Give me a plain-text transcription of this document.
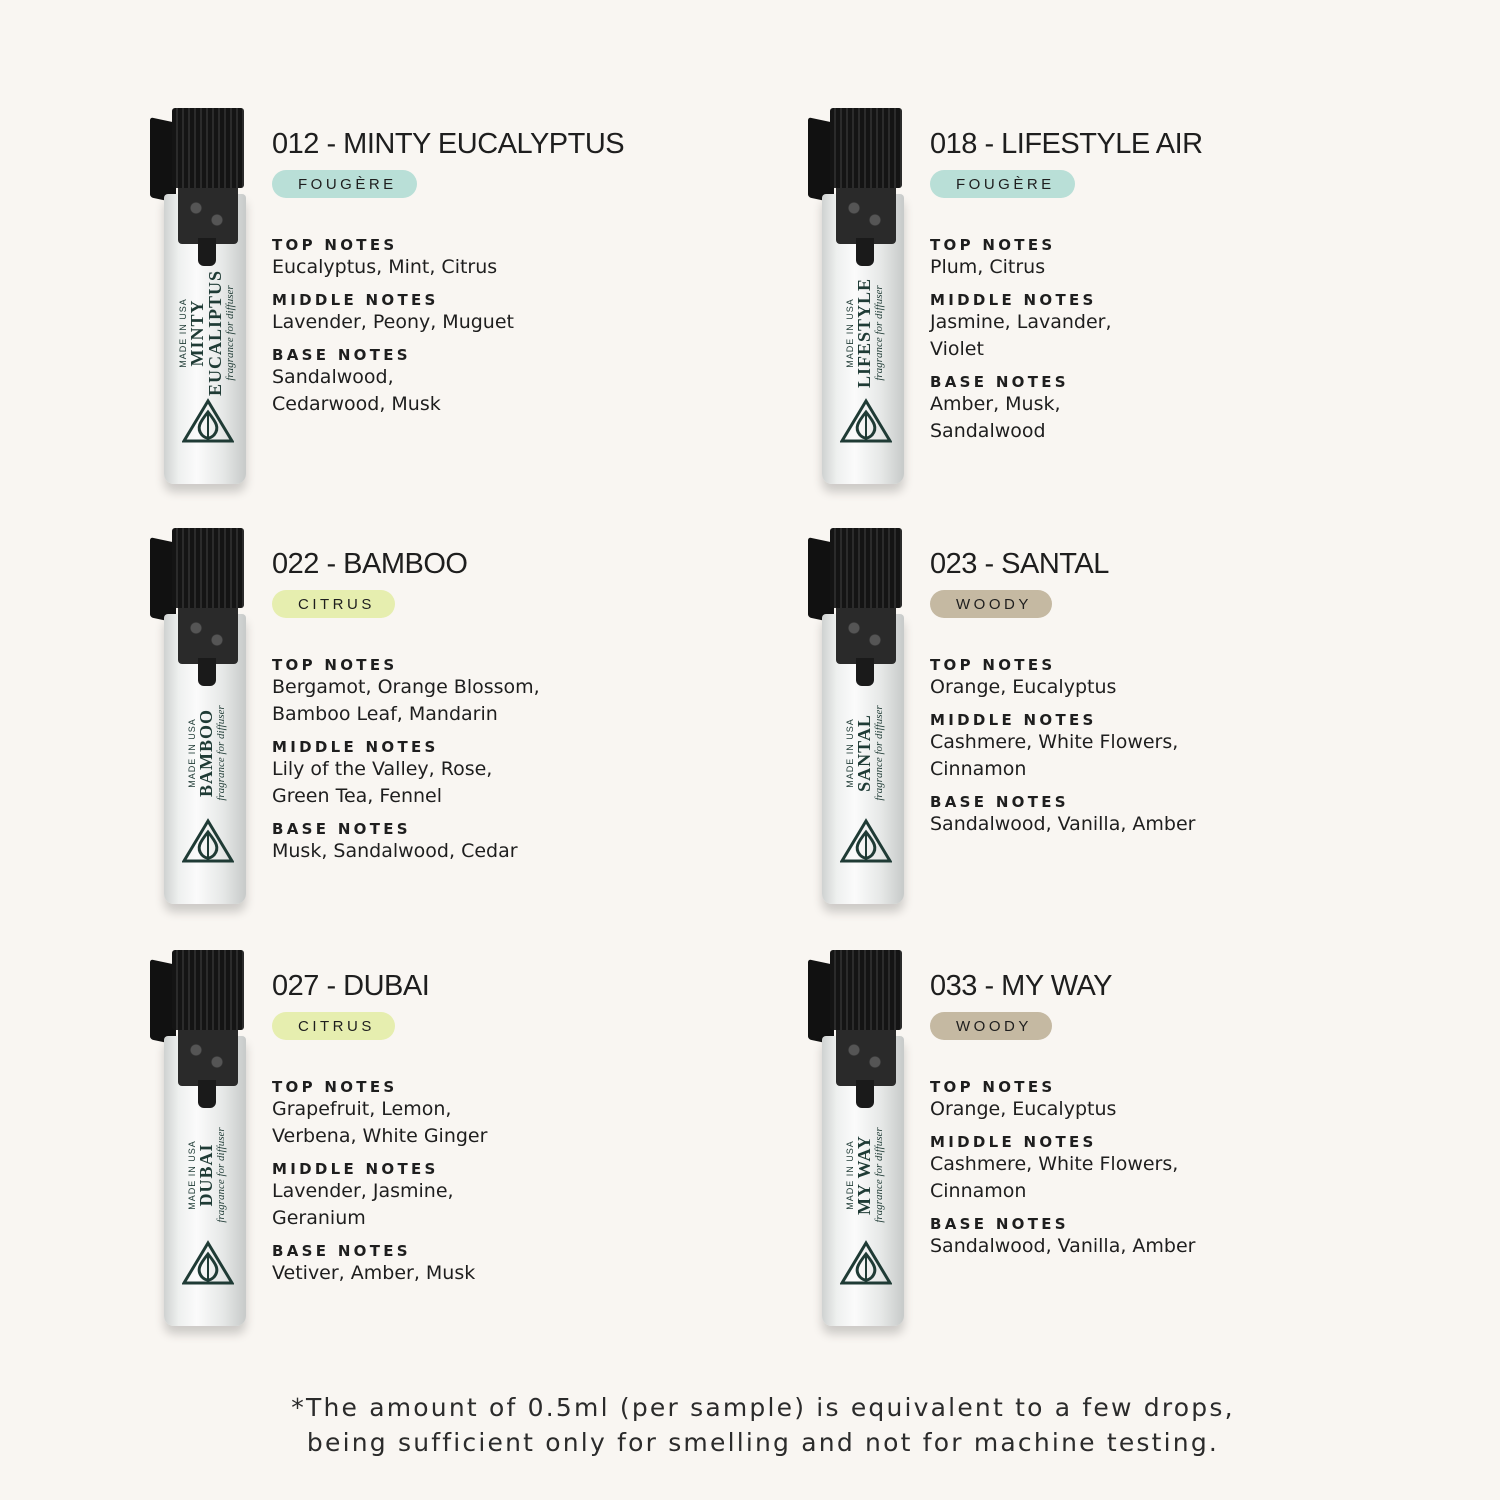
MADE IN USA MINTY EUCALIPTUS fragrance for diffuser
012 - MINTY EUCALYPTUS
FOUGÈRE
TOP NOTES
Eucalyptus, Mint, Citrus
MIDDLE NOTES
Lavender, Peony, Muguet
BASE NOTES
Sandalwood, Cedarwood, Musk
MADE IN USA LIFESTYLE fragrance for diffuser
018 - LIFESTYLE AIR
FOUGÈRE
TOP NOTES
Plum, Citrus
MIDDLE NOTES
Jasmine, Lavander, Violet
BASE NOTES
Amber, Musk, Sandalwood
MADE IN USA BAMBOO fragrance for diffuser
022 - BAMBOO
CITRUS
TOP NOTES
Bergamot, Orange Blossom, Bamboo Leaf, Mandarin
MIDDLE NOTES
Lily of the Valley, Rose, Green Tea, Fennel
BASE NOTES
Musk, Sandalwood, Cedar
MADE IN USA SANTAL fragrance for diffuser
023 - SANTAL
WOODY
TOP NOTES
Orange, Eucalyptus
MIDDLE NOTES
Cashmere, White Flowers, Cinnamon
BASE NOTES
Sandalwood, Vanilla, Amber
MADE IN USA DUBAI fragrance for diffuser
027 - DUBAI
CITRUS
TOP NOTES
Grapefruit, Lemon, Verbena, White Ginger
MIDDLE NOTES
Lavender, Jasmine, Geranium
BASE NOTES
Vetiver, Amber, Musk
MADE IN USA MY WAY fragrance for diffuser
033 - MY WAY
WOODY
TOP NOTES
Orange, Eucalyptus
MIDDLE NOTES
Cashmere, White Flowers, Cinnamon
BASE NOTES
Sandalwood, Vanilla, Amber
*The amount of 0.5ml (per sample) is equivalent to a few drops,
being sufficient only for smelling and not for machine testing.
